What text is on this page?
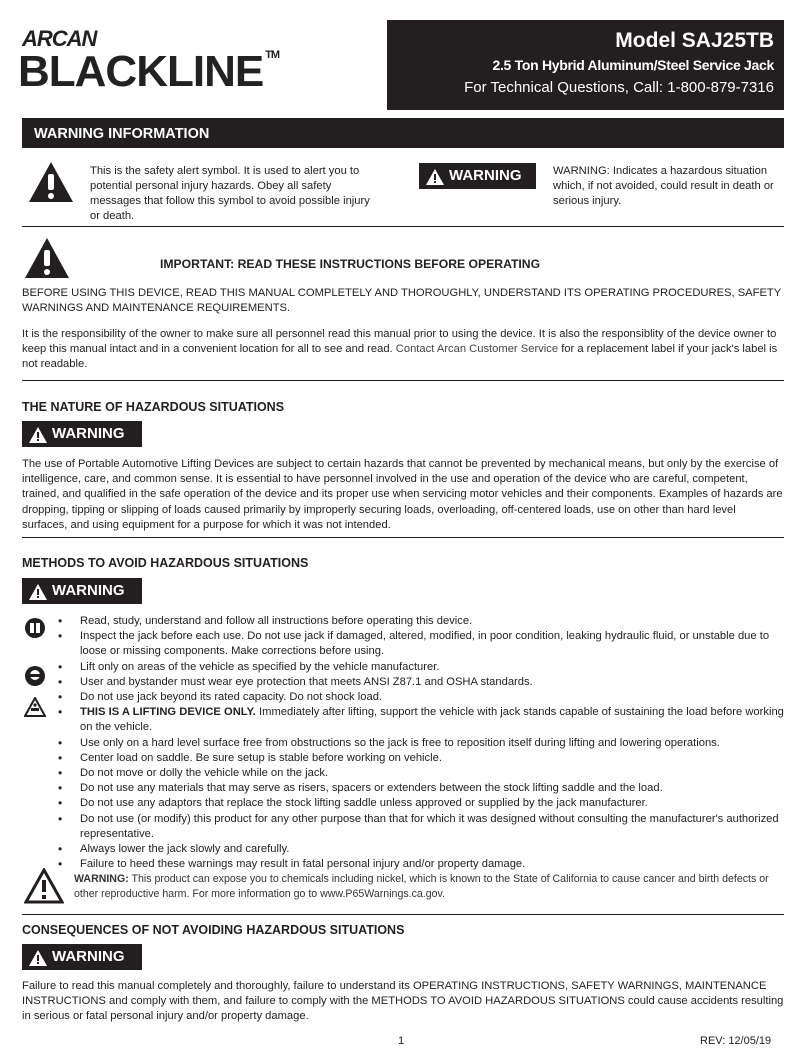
ARCAN
BLACKLINE ™
Model SAJ25TB
2.5 Ton Hybrid Aluminum/Steel Service Jack
For Technical Questions, Call: 1-800-879-7316
WARNING INFORMATION
This is the safety alert symbol. It is used to alert you to potential personal injury hazards. Obey all safety messages that follow this symbol to avoid possible injury or death.
WARNING	WARNING: Indicates a hazardous situation which, if not avoided, could result in death or serious injury.
IMPORTANT: READ THESE INSTRUCTIONS BEFORE OPERATING
BEFORE USING THIS DEVICE, READ THIS MANUAL COMPLETELY AND THOROUGHLY, UNDERSTAND ITS OPERATING PROCEDURES, SAFETY WARNINGS AND MAINTENANCE REQUIREMENTS.
It is the responsibility of the owner to make sure all personnel read this manual prior to using the device. It is also the responsiblity of the device owner to keep this manual intact and in a convenient location for all to see and read. Contact Arcan Customer Service for a replacement label if your jack's label is not readable.
THE NATURE OF HAZARDOUS SITUATIONS
WARNING
The use of Portable Automotive Lifting Devices are subject to certain hazards that cannot be prevented by mechanical means, but only by the exercise of intelligence, care, and common sense. It is essential to have personnel involved in the use and operation of the device who are careful, competent, trained, and qualified in the safe operation of the device and its proper use when servicing motor vehicles and their components. Examples of hazards are dropping, tipping or slipping of loads caused primarily by improperly securing loads, overloading, off-centered loads, use on other than hard level surfaces, and using equipment for a purpose for which it was not intended.
METHODS TO AVOID HAZARDOUS SITUATIONS
WARNING
• Read, study, understand and follow all instructions before operating this device.
• Inspect the jack before each use. Do not use jack if damaged, altered, modified, in poor condition, leaking hydraulic fluid, or unstable due to loose or missing components. Make corrections before using.
• Lift only on areas of the vehicle as specified by the vehicle manufacturer.
• User and bystander must wear eye protection that meets ANSI Z87.1 and OSHA standards.
• Do not use jack beyond its rated capacity. Do not shock load.
• THIS IS A LIFTING DEVICE ONLY. Immediately after lifting, support the vehicle with jack stands capable of sustaining the load before working on the vehicle.
• Use only on a hard level surface free from obstructions so the jack is free to reposition itself during lifting and lowering operations.
• Center load on saddle. Be sure setup is stable before working on vehicle.
• Do not move or dolly the vehicle while on the jack.
• Do not use any materials that may serve as risers, spacers or extenders between the stock lifting saddle and the load.
• Do not use any adaptors that replace the stock lifting saddle unless approved or supplied by the jack manufacturer.
• Do not use (or modify) this product for any other purpose than that for which it was designed without consulting the manufacturer's authorized representative.
• Always lower the jack slowly and carefully.
• Failure to heed these warnings may result in fatal personal injury and/or property damage.
WARNING: This product can expose you to chemicals including nickel, which is known to the State of California to cause cancer and birth defects or other reproductive harm. For more information go to www.P65Warnings.ca.gov.
CONSEQUENCES OF NOT AVOIDING HAZARDOUS SITUATIONS
WARNING
Failure to read this manual completely and thoroughly, failure to understand its OPERATING INSTRUCTIONS, SAFETY WARNINGS, MAINTENANCE INSTRUCTIONS and comply with them, and failure to comply with the METHODS TO AVOID HAZARDOUS SITUATIONS could cause accidents resulting in serious or fatal personal injury and/or property damage.
1	REV: 12/05/19
